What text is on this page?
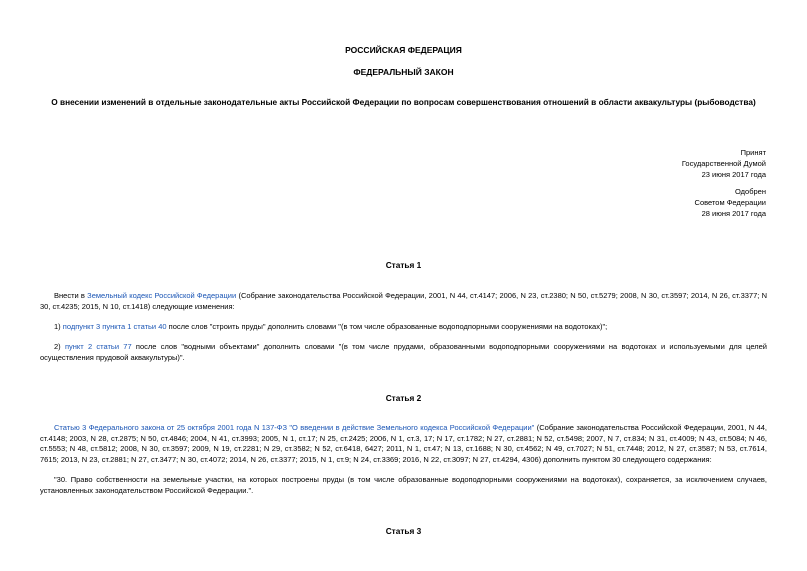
РОССИЙСКАЯ ФЕДЕРАЦИЯ
ФЕДЕРАЛЬНЫЙ ЗАКОН
О внесении изменений в отдельные законодательные акты Российской Федерации по вопросам совершенствования отношений в области аквакультуры (рыбоводства)
Принят
Государственной Думой
23 июня 2017 года
Одобрен
Советом Федерации
28 июня 2017 года
Статья 1
Внести в Земельный кодекс Российской Федерации (Собрание законодательства Российской Федерации, 2001, N 44, ст.4147; 2006, N 23, ст.2380; N 50, ст.5279; 2008, N 30, ст.3597; 2014, N 26, ст.3377; N 30, ст.4235; 2015, N 10, ст.1418) следующие изменения:
1) подпункт 3 пункта 1 статьи 40 после слов "строить пруды" дополнить словами "(в том числе образованные водоподпорными сооружениями на водотоках)";
2) пункт 2 статьи 77 после слов "водными объектами" дополнить словами "(в том числе прудами, образованными водоподпорными сооружениями на водотоках и используемыми для целей осуществления прудовой аквакультуры)".
Статья 2
Статью 3 Федерального закона от 25 октября 2001 года N 137-ФЗ "О введении в действие Земельного кодекса Российской Федерации" (Собрание законодательства Российской Федерации, 2001, N 44, ст.4148; 2003, N 28, ст.2875; N 50, ст.4846; 2004, N 41, ст.3993; 2005, N 1, ст.17; N 25, ст.2425; 2006, N 1, ст.3, 17; N 17, ст.1782; N 27, ст.2881; N 52, ст.5498; 2007, N 7, ст.834; N 31, ст.4009; N 43, ст.5084; N 46, ст.5553; N 48, ст.5812; 2008, N 30, ст.3597; 2009, N 19, ст.2281; N 29, ст.3582; N 52, ст.6418, 6427; 2011, N 1, ст.47; N 13, ст.1688; N 30, ст.4562; N 49, ст.7027; N 51, ст.7448; 2012, N 27, ст.3587; N 53, ст.7614, 7615; 2013, N 23, ст.2881; N 27, ст.3477; N 30, ст.4072; 2014, N 26, ст.3377; 2015, N 1, ст.9; N 24, ст.3369; 2016, N 22, ст.3097; N 27, ст.4294, 4306) дополнить пунктом 30 следующего содержания:
"30. Право собственности на земельные участки, на которых построены пруды (в том числе образованные водоподпорными сооружениями на водотоках), сохраняется, за исключением случаев, установленных законодательством Российской Федерации.".
Статья 3
